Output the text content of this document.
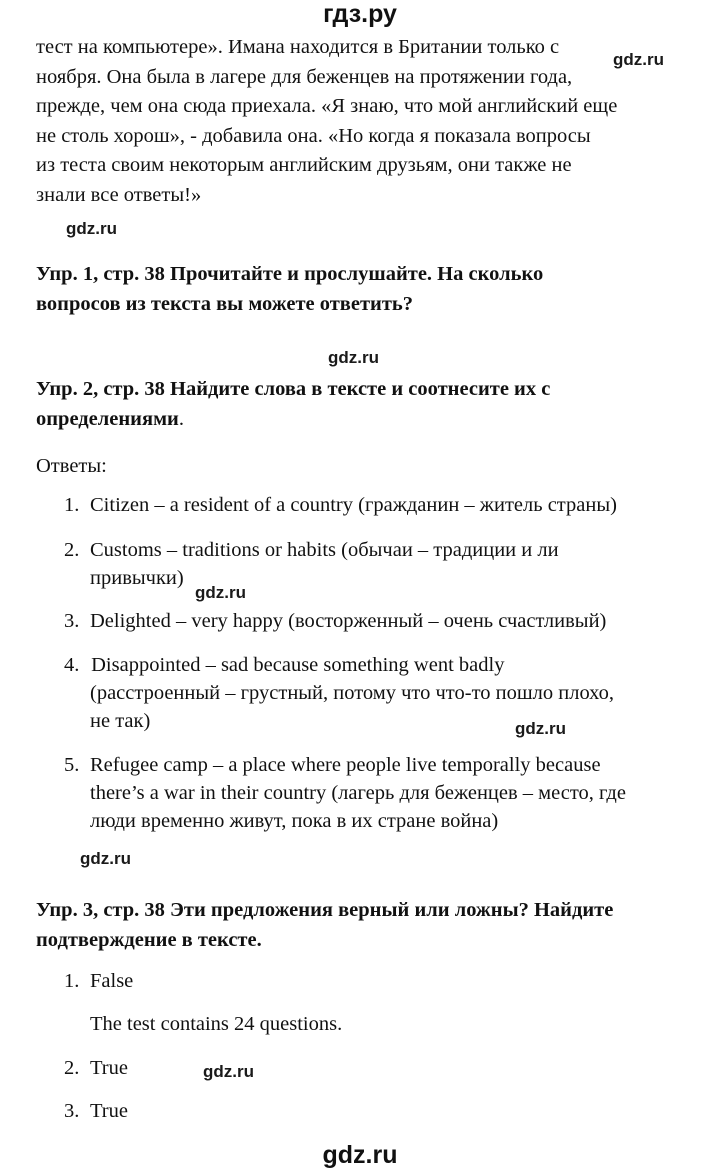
гдз.ру
тест на компьютере». Имана находится в Британии только с
ноября. Она была в лагере для беженцев на протяжении года,
прежде, чем она сюда приехала. «Я знаю, что мой английский еще
не столь хорош», - добавила она. «Но когда я показала вопросы
из теста своим некоторым английским друзьям, они также не
знали все ответы!»
gdz.ru
gdz.ru
gdz.ru
gdz.ru
gdz.ru
gdz.ru
gdz.ru
Упр. 1, стр. 38 Прочитайте и прослушайте. На сколько
вопросов из текста вы можете ответить?
Упр. 2, стр. 38 Найдите слова в тексте и соотнесите их с
определениями.
Ответы:
1. Citizen – a resident of a country (гражданин – житель страны)
2. Customs – traditions or habits (обычаи – традиции и ли
привычки)
3. Delighted – very happy (восторженный – очень счастливый)
4. Disappointed – sad because something went badly
(расстроенный – грустный, потому что что-то пошло плохо,
не так)
5. Refugee camp – a place where people live temporally because
there’s a war in their country (лагерь для беженцев – место, где
люди временно живут, пока в их стране война)
Упр. 3, стр. 38 Эти предложения верный или ложны? Найдите
подтверждение в тексте.
1. False
The test contains 24 questions.
2. True
3. True
gdz.ru
